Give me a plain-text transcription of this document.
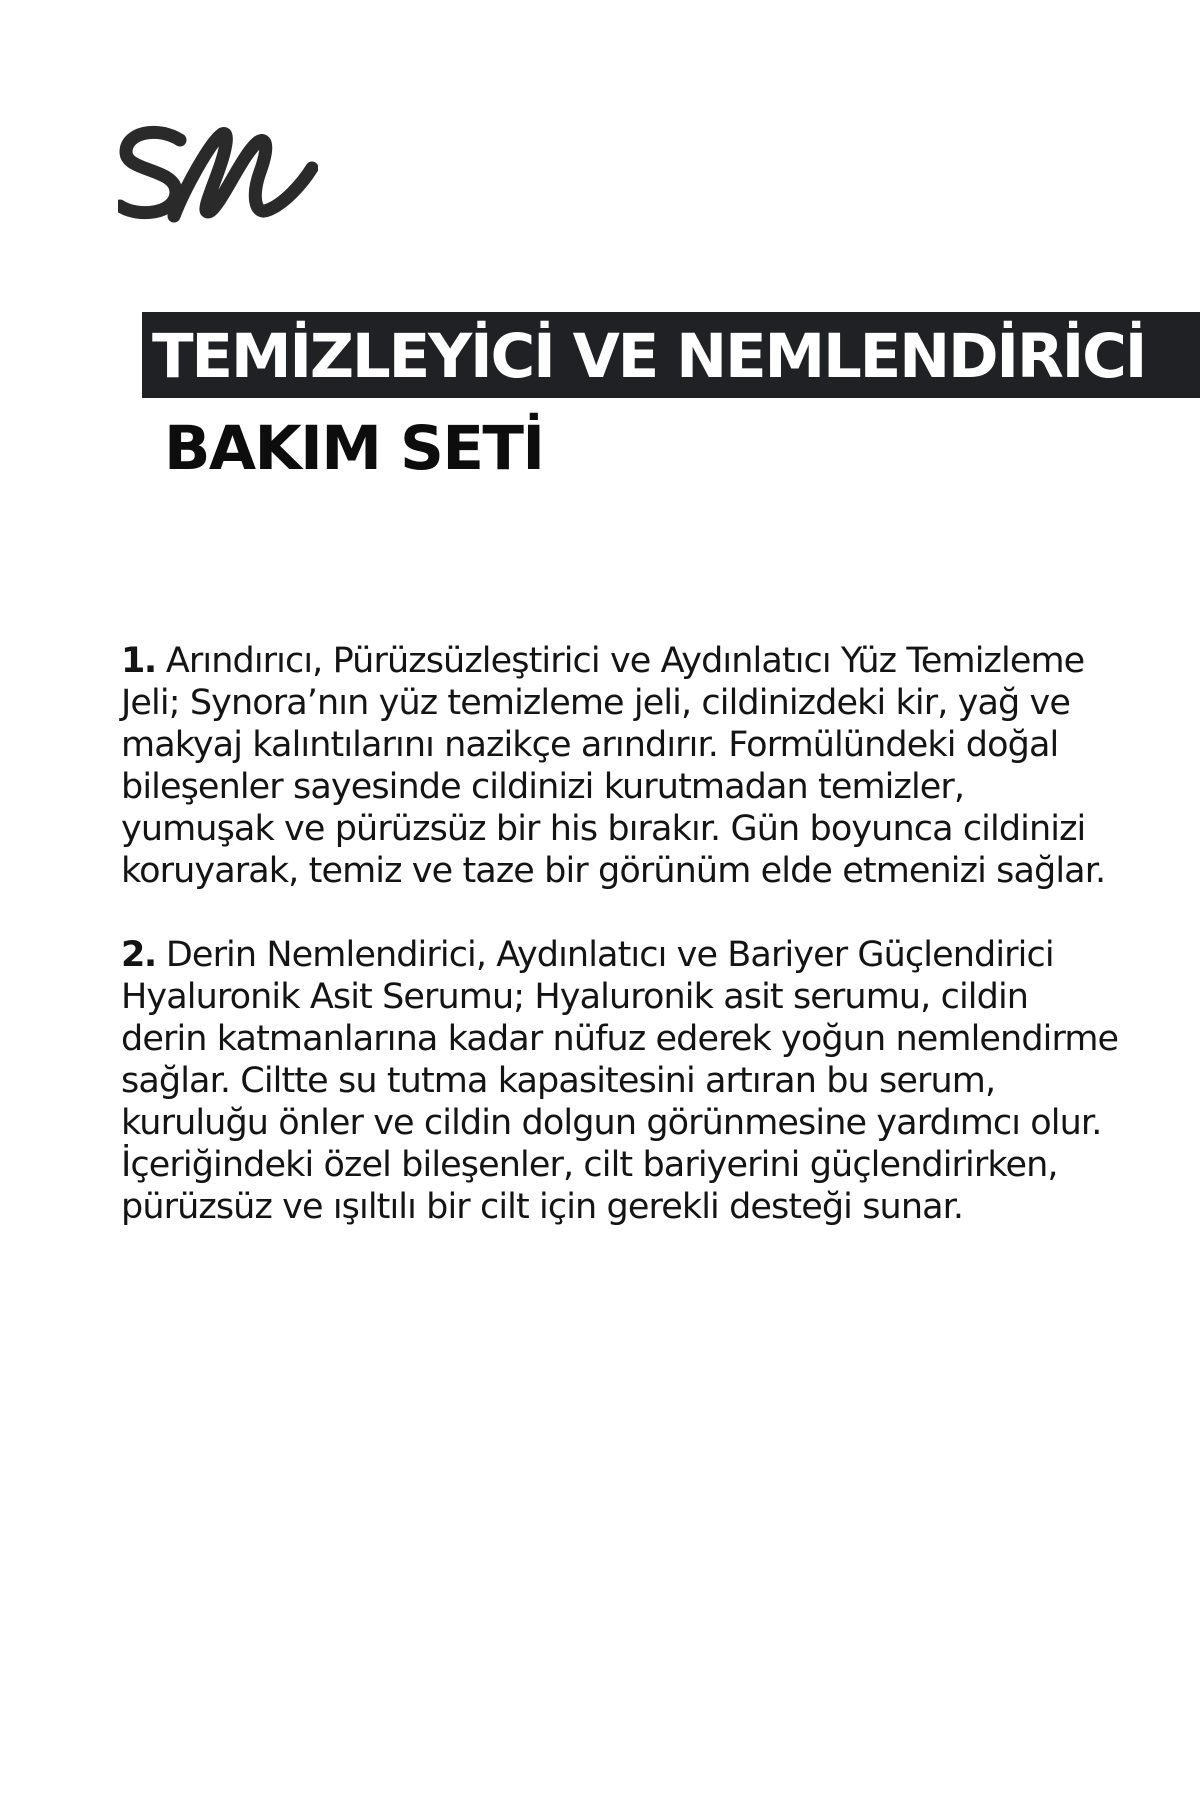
TEMİZLEYİCİ VE NEMLENDİRİCİ
BAKIM SETİ

1. Arındırıcı, Pürüzsüzleştirici ve Aydınlatıcı Yüz Temizleme Jeli; Synora’nın yüz temizleme jeli, cildinizdeki kir, yağ ve makyaj kalıntılarını nazikçe arındırır. Formülündeki doğal bileşenler sayesinde cildinizi kurutmadan temizler, yumuşak ve pürüzsüz bir his bırakır. Gün boyunca cildinizi koruyarak, temiz ve taze bir görünüm elde etmenizi sağlar.

2. Derin Nemlendirici, Aydınlatıcı ve Bariyer Güçlendirici Hyaluronik Asit Serumu; Hyaluronik asit serumu, cildin derin katmanlarına kadar nüfuz ederek yoğun nemlendirme sağlar. Ciltte su tutma kapasitesini artıran bu serum, kuruluğu önler ve cildin dolgun görünmesine yardımcı olur. İçeriğindeki özel bileşenler, cilt bariyerini güçlendirirken, pürüzsüz ve ışıltılı bir cilt için gerekli desteği sunar.
